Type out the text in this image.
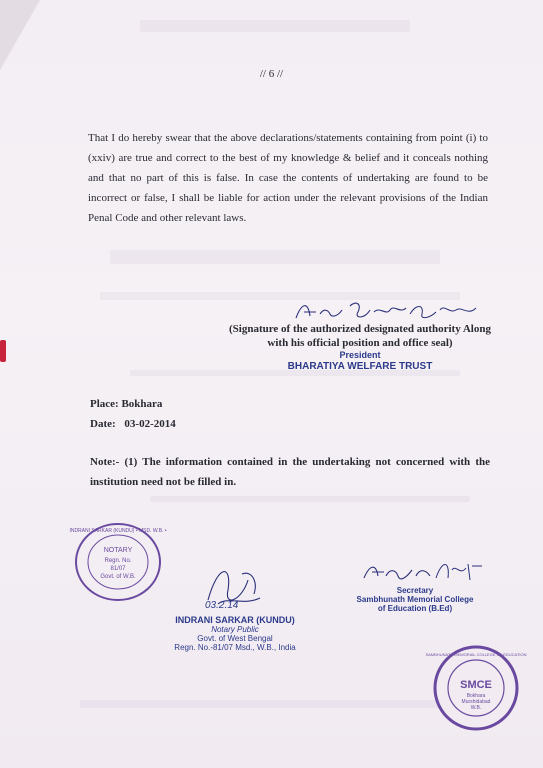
// 6 //

That I do hereby swear that the above declarations/statements containing from point (i) to (xxiv) are true and correct to the best of my knowledge & belief and it conceals nothing and that no part of this is false. In case the contents of undertaking are found to be incorrect or false, I shall be liable for action under the relevant provisions of the Indian Penal Code and other relevant laws.

(Signature of the authorized designated authority Along
with his official position and office seal)
President
BHARATIYA WELFARE TRUST
Place: Bokhara
Date: 03-02-2014

Note:- (1) The information contained in the undertaking not concerned with the institution need not be filled in.

NOTARY
Regn. No.
81/07
Govt. of W.B.
INDRANI SARKAR (KUNDU) • MSD. W.B. •
03.2.14
INDRANI SARKAR (KUNDU)
Notary Public
Govt. of West Bengal
Regn. No.-81/07 Msd., W.B., India
Secretary
Sambhunath Memorial College
of Education (B.Ed)
SMCE
Bokhara
Murshidabad
W.B.
SAMBHUNATH MEMORIAL COLLEGE OF EDUCATION
